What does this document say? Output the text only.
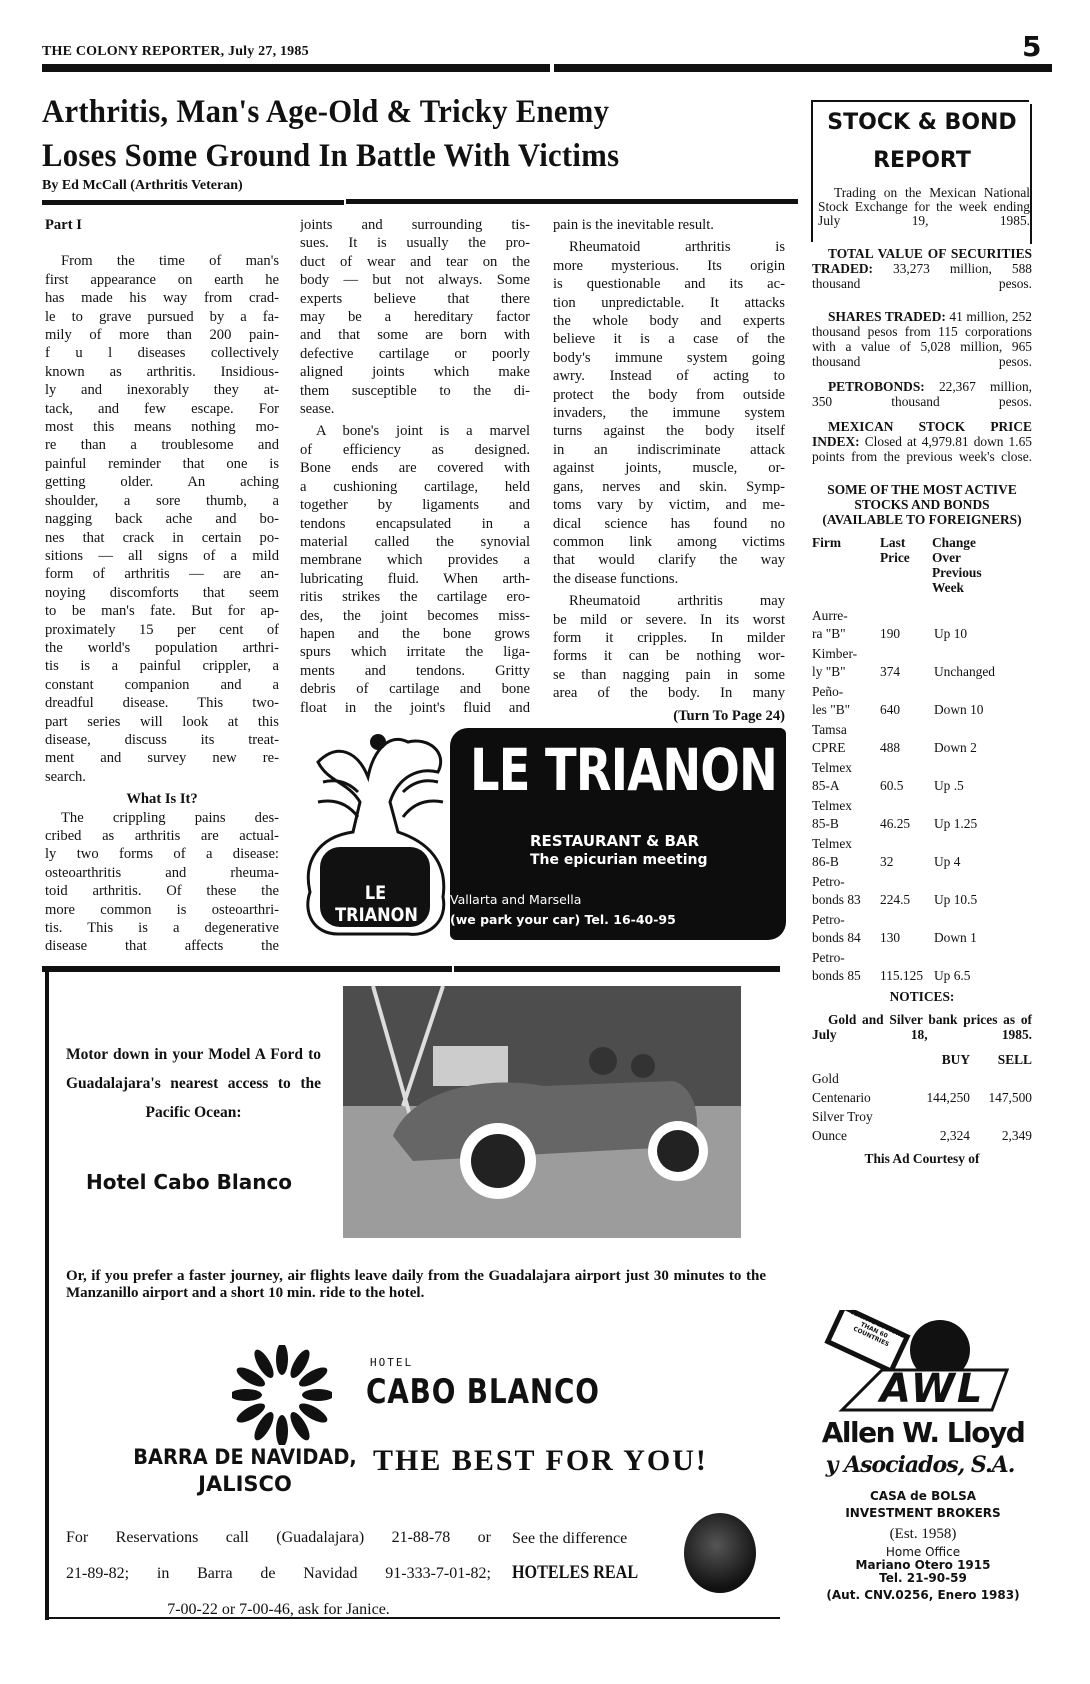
THE COLONY REPORTER, July 27, 1985	5
Arthritis, Man's Age-Old & Tricky Enemy
Loses Some Ground In Battle With Victims
By Ed McCall (Arthritis Veteran)
Part I
From the time of man's
first appearance on earth he
has made his way from crad-
le to grave pursued by a fa-
mily of more than 200 pain-
f u l diseases collectively
known as arthritis. Insidious-
ly and inexorably they at-
tack, and few escape. For
most this means nothing mo-
re than a troublesome and
painful reminder that one is
getting older. An aching
shoulder, a sore thumb, a
nagging back ache and bo-
nes that crack in certain po-
sitions — all signs of a mild
form of arthritis — are an-
noying discomforts that seem
to be man's fate. But for ap-
proximately 15 per cent of
the world's population arthri-
tis is a painful crippler, a
constant companion and a
dreadful disease. This two-
part series will look at this
disease, discuss its treat-
ment and survey new re-
search.
What Is It?
The crippling pains des-
cribed as arthritis are actual-
ly two forms of a disease:
osteoarthritis and rheuma-
toid arthritis. Of these the
more common is osteoarthri-
tis. This is a degenerative
disease that affects the
joints and surrounding tis-
sues. It is usually the pro-
duct of wear and tear on the
body — but not always. Some
experts believe that there
may be a hereditary factor
and that some are born with
defective cartilage or poorly
aligned joints which make
them susceptible to the di-
sease.
A bone's joint is a marvel
of efficiency as designed.
Bone ends are covered with
a cushioning cartilage, held
together by ligaments and
tendons encapsulated in a
material called the synovial
membrane which provides a
lubricating fluid. When arth-
ritis strikes the cartilage ero-
des, the joint becomes miss-
hapen and the bone grows
spurs which irritate the liga-
ments and tendons. Gritty
debris of cartilage and bone
float in the joint's fluid and
pain is the inevitable result.
Rheumatoid arthritis is
more mysterious. Its origin
is questionable and its ac-
tion unpredictable. It attacks
the whole body and experts
believe it is a case of the
body's immune system going
awry. Instead of acting to
protect the body from outside
invaders, the immune system
turns against the body itself
in an indiscriminate attack
against joints, muscle, or-
gans, nerves and skin. Symp-
toms vary by victim, and me-
dical science has found no
common link among victims
that would clarify the way
the disease functions.
Rheumatoid arthritis may
be mild or severe. In its worst
form it cripples. In milder
forms it can be nothing wor-
se than nagging pain in some
area of the body. In many
(Turn To Page 24)
LE TRIANON
LE TRIANON
RESTAURANT & BAR
The epicurian meeting
Vallarta and Marsella
(we park your car) Tel. 16-40-95
Motor down in your Model A Ford to Guadalajara's nearest access to the Pacific Ocean:
Hotel Cabo Blanco
Or, if you prefer a faster journey, air flights leave daily from the Guadalajara airport just 30 minutes to the Manzanillo airport and a short 10 min. ride to the hotel.
HOTEL
CABO BLANCO
BARRA DE NAVIDAD,
JALISCO
THE BEST FOR YOU!
For Reservations call (Guadalajara) 21-88-78 or
21-89-82; in Barra de Navidad 91-333-7-01-82;
7-00-22 or 7-00-46, ask for Janice.
See the difference
HOTELES REAL
STOCK & BOND
REPORT
Trading on the Mexican National Stock Exchange for the week ending July 19, 1985.
TOTAL VALUE OF SECURITIES TRADED: 33,273 million, 588 thousand pesos.
SHARES TRADED: 41 million, 252 thousand pesos from 115 corporations with a value of 5,028 million, 965 thousand pesos.
PETROBONDS: 22,367 million, 350 thousand pesos.
MEXICAN STOCK PRICE INDEX: Closed at 4,979.81 down 1.65 points from the previous week's close.
SOME OF THE MOST ACTIVE STOCKS AND BONDS (AVAILABLE TO FOREIGNERS)
Firm	Last Price
Change Over Previous Week
Aurre-
ra "B"	190	Up 10
Kimber-
ly "B"	374	Unchanged
Peño-
les "B"	640	Down 10
Tamsa
CPRE	488	Down 2
Telmex
85-A	60.5	Up .5
Telmex
85-B	46.25	Up 1.25
Telmex
86-B	32	Up 4
Petro-
bonds 83	224.5	Up 10.5
Petro-
bonds 84	130	Down 1
Petro-
bonds 85	115.125 Up 6.5
NOTICES:
Gold and Silver bank prices as of July 18, 1985.
BUY	SELL
Gold
Centenario	144,250	147,500
Silver Troy
Ounce	2,324	2,349
This Ad Courtesy of
CLIENTS IN MORE THAN 60 COUNTRIES
AWL
Allen W. Lloyd
y Asociados, S.A.
CASA de BOLSA
INVESTMENT BROKERS
(Est. 1958)
Home Office
Mariano Otero 1915
Tel. 21-90-59
(Aut. CNV.0256, Enero 1983)
